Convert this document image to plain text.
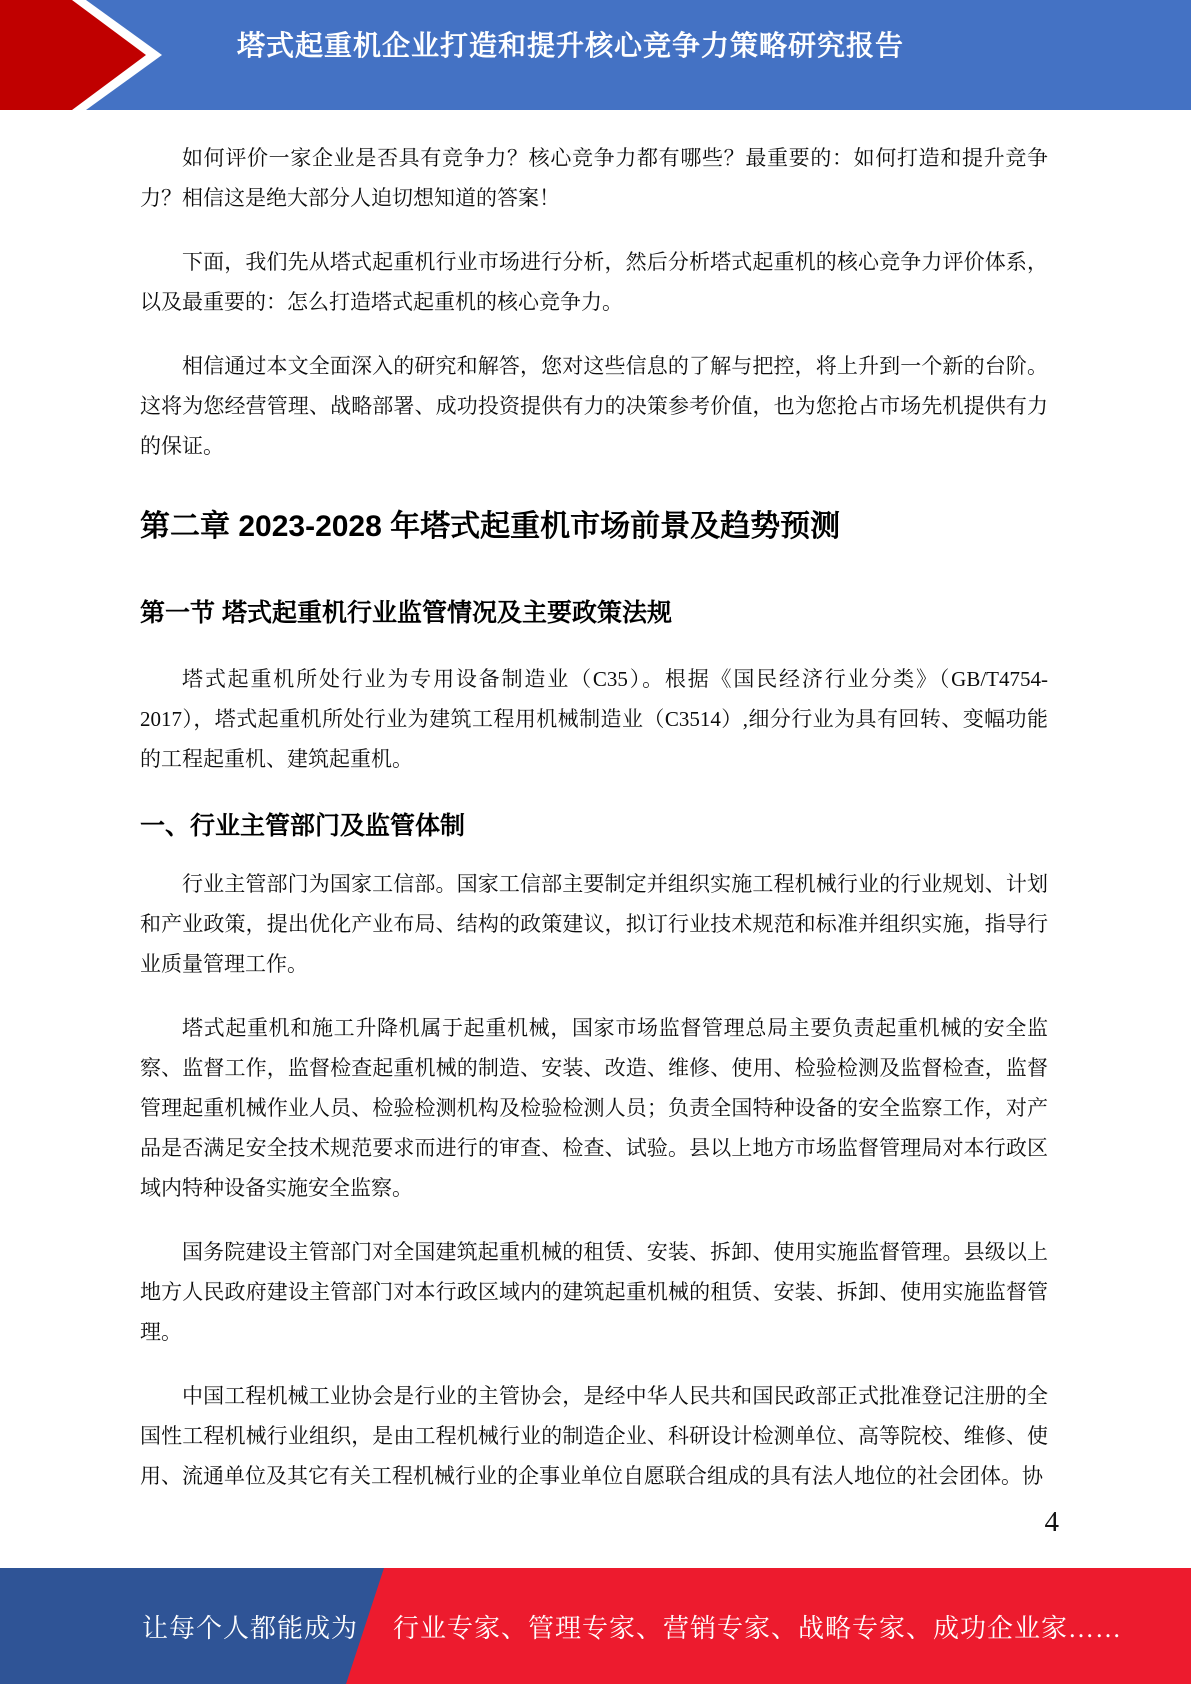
塔式起重机企业打造和提升核心竞争力策略研究报告

如何评价一家企业是否具有竞争力？核心竞争力都有哪些？最重要的：如何打造和提升竞争力？相信这是绝大部分人迫切想知道的答案！

下面，我们先从塔式起重机行业市场进行分析，然后分析塔式起重机的核心竞争力评价体系，以及最重要的：怎么打造塔式起重机的核心竞争力。

相信通过本文全面深入的研究和解答，您对这些信息的了解与把控，将上升到一个新的台阶。这将为您经营管理、战略部署、成功投资提供有力的决策参考价值，也为您抢占市场先机提供有力的保证。

第二章 2023-2028 年塔式起重机市场前景及趋势预测
第一节 塔式起重机行业监管情况及主要政策法规

塔式起重机所处行业为专用设备制造业（C35）。根据《国民经济行业分类》（GB/T4754-2017），塔式起重机所处行业为建筑工程用机械制造业（C3514）,细分行业为具有回转、变幅功能的工程起重机、建筑起重机。

一、行业主管部门及监管体制

行业主管部门为国家工信部。国家工信部主要制定并组织实施工程机械行业的行业规划、计划和产业政策，提出优化产业布局、结构的政策建议，拟订行业技术规范和标准并组织实施，指导行业质量管理工作。

塔式起重机和施工升降机属于起重机械，国家市场监督管理总局主要负责起重机械的安全监察、监督工作，监督检查起重机械的制造、安装、改造、维修、使用、检验检测及监督检查，监督管理起重机械作业人员、检验检测机构及检验检测人员；负责全国特种设备的安全监察工作，对产品是否满足安全技术规范要求而进行的审查、检查、试验。县以上地方市场监督管理局对本行政区域内特种设备实施安全监察。

国务院建设主管部门对全国建筑起重机械的租赁、安装、拆卸、使用实施监督管理。县级以上地方人民政府建设主管部门对本行政区域内的建筑起重机械的租赁、安装、拆卸、使用实施监督管理。

中国工程机械工业协会是行业的主管协会，是经中华人民共和国民政部正式批准登记注册的全国性工程机械行业组织，是由工程机械行业的制造企业、科研设计检测单位、高等院校、维修、使用、流通单位及其它有关工程机械行业的企事业单位自愿联合组成的具有法人地位的社会团体。协

4
让每个人都能成为 行业专家、管理专家、营销专家、战略专家、成功企业家……
